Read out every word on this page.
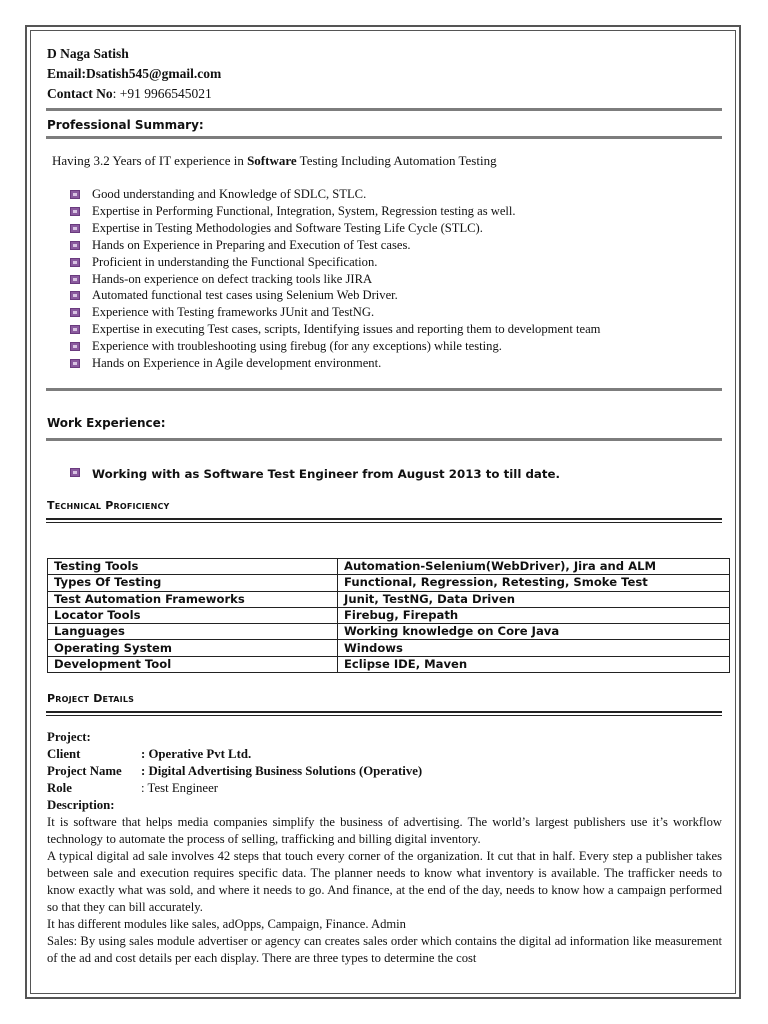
D Naga Satish
Email:Dsatish545@gmail.com
Contact No: +91 9966545021
Professional Summary:
Having 3.2 Years of IT experience in Software Testing Including Automation Testing
Good understanding and Knowledge of SDLC, STLC.
Expertise in Performing Functional, Integration, System, Regression testing as well.
Expertise in Testing Methodologies and Software Testing Life Cycle (STLC).
Hands on Experience in Preparing and Execution of Test cases.
Proficient in understanding the Functional Specification.
Hands-on experience on defect tracking tools like JIRA
Automated functional test cases using Selenium Web Driver.
Experience with Testing frameworks JUnit and TestNG.
Expertise in executing Test cases, scripts, Identifying issues and reporting them to development team
Experience with troubleshooting using firebug (for any exceptions) while testing.
Hands on Experience in Agile development environment.
Work Experience:
Working with as Software Test Engineer from August 2013 to till date.
Technical Proficiency
Testing Tools	Automation-Selenium(WebDriver), Jira and ALM
Types Of Testing	Functional, Regression, Retesting, Smoke Test
Test Automation Frameworks	Junit, TestNG, Data Driven
Locator Tools	Firebug, Firepath
Languages	Working knowledge on Core Java
Operating System	Windows
Development Tool	Eclipse IDE, Maven
Project Details
Project:
Client	: Operative Pvt Ltd.
Project Name : Digital Advertising Business Solutions (Operative)
Role	: Test Engineer
Description:
It is software that helps media companies simplify the business of advertising. The world’s largest publishers use it’s workflow technology to automate the process of selling, trafficking and billing digital inventory.
A typical digital ad sale involves 42 steps that touch every corner of the organization. It cut that in half. Every step a publisher takes between sale and execution requires specific data. The planner needs to know what inventory is available. The trafficker needs to know exactly what was sold, and where it needs to go. And finance, at the end of the day, needs to know how a campaign performed so that they can bill accurately.
It has different modules like sales, adOpps, Campaign, Finance. Admin
Sales: By using sales module advertiser or agency can creates sales order which contains the digital ad information like measurement of the ad and cost details per each display. There are three types to determine the cost
